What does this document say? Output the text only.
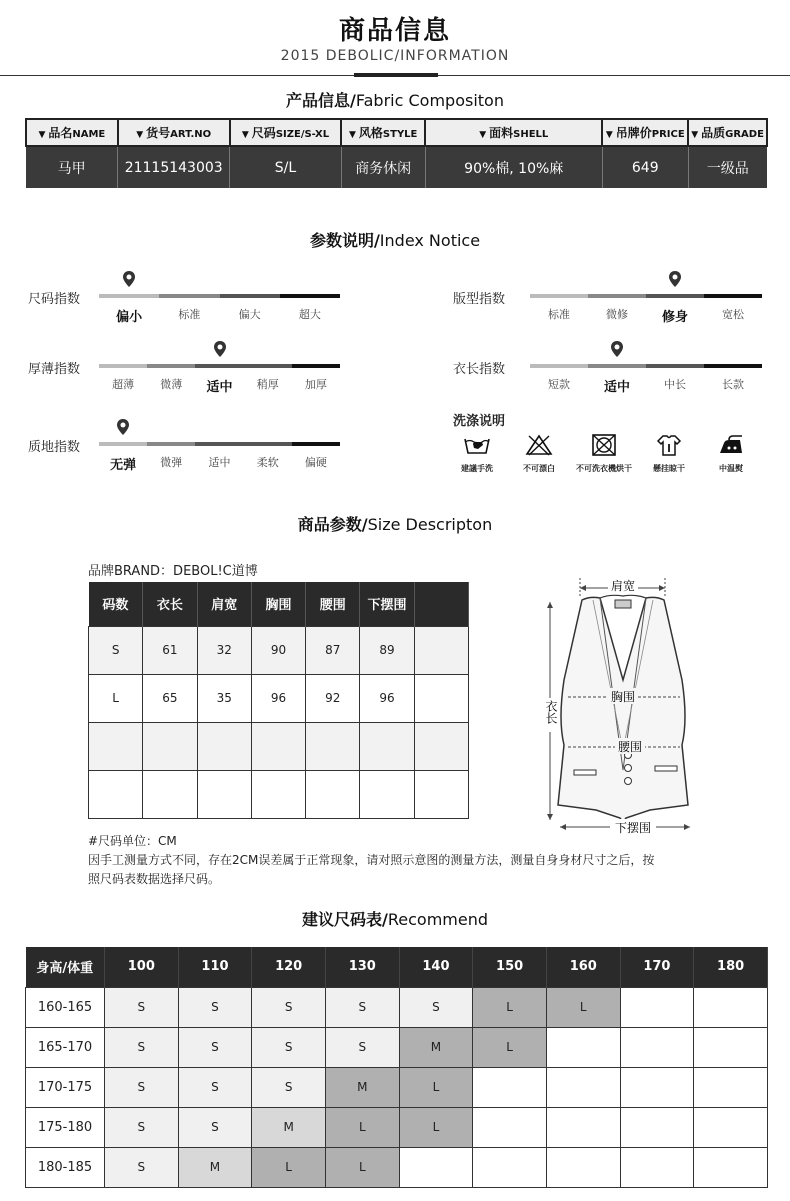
商品信息
2015 DEBOLIC/INFORMATION
产品信息/Fabric Compositon
▼ 品名NAME	▼ 货号ART.NO	▼ 尺码SIZE/S-XL	▼ 风格STYLE	▼ 面料SHELL	▼ 吊牌价PRICE	▼ 品质GRADE
马甲	21115143003	S/L	商务休闲	90%棉, 10%麻	649	一级品
参数说明/Index Notice
尺码指数
偏小	标准	偏大	超大
厚薄指数
超薄	微薄	适中	稍厚	加厚
质地指数
无弹	微弹	适中	柔软	偏硬
版型指数
标准	微修	修身	宽松
衣长指数
短款	适中	中长	长款
洗涤说明
建議手洗	不可漂白	不可洗衣機烘干	懸挂晾干	中温熨
商品参数/Size Descripton
品牌BRAND：DEBOL!C道博
码数	衣长	肩宽	胸围	腰围	下摆围	
S	61	32	90	87	89	
L	65	35	96	92	96	

肩宽
衣长
胸围
腰围
下摆围
#尺码单位：CM
因手工测量方式不同，存在2CM误差属于正常现象，请对照示意图的测量方法，测量自身身材尺寸之后，按
照尺码表数据选择尺码。
建议尺码表/Recommend
身高/体重	100	110	120	130	140	150	160	170	180
160-165	S	S	S	S	S	L	L		
165-170	S	S	S	S	M	L			
170-175	S	S	S	M	L				
175-180	S	S	M	L	L				
180-185	S	M	L	L					
